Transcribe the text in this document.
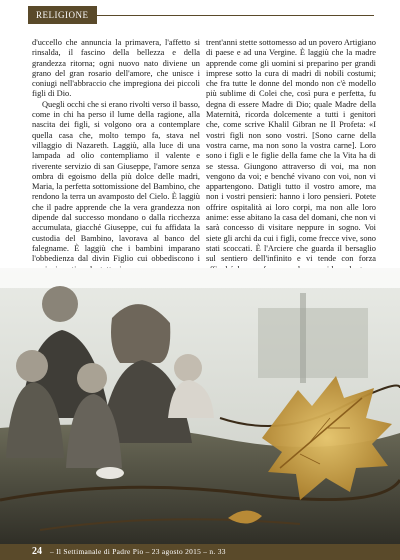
RELIGIONE

d'uccello che annuncia la primavera, l'affetto si rinsalda, il fascino della bellezza e della grandezza ritorna; ogni nuovo nato diviene un grano del gran rosario dell'amore, che unisce i coniugi nell'abbraccio che impregiona dei piccoli figli di Dio.

Quegli occhi che si erano rivolti verso il basso, come in chi ha perso il lume della ragione, alla nascita dei figli, si volgono ora a contemplare quella casa che, molto tempo fa, stava nel villaggio di Nazareth. Laggiù, alla luce di una lampada ad olio contempliamo il valente e riverente servizio di san Giuseppe, l'amore senza ombra di egoismo della più dolce delle madri, Maria, la perfetta sottomissione del Bambino, che rendono la terra un avamposto del Cielo. È laggiù che il padre apprende che la vera grandezza non dipende dal successo mondano o dalla ricchezza accumulata, giacché Giuseppe, cui fu affidata la custodia del Bambino, lavorava al banco del falegname. È laggiù che i bambini imparano l'obbedienza dal divin Figlio cui obbediscono i

trent'anni stette sottomesso ad un povero Artigiano di paese e ad una Vergine. È laggiù che la madre apprende come gli uomini si preparino per grandi imprese sotto la cura di madri di nobili costumi; che fra tutte le donne del mondo non c'è modello più sublime di Colei che, così pura e perfetta, fu degna di essere Madre di Dio; quale Madre della Maternità, ricorda dolcemente a tutti i genitori che, come scrive Khalil Gibran ne Il Profeta: «I vostri figli non sono vostri. [Sono carne della vostra carne, ma non sono la vostra carne]. Loro sono i figli e le figlie della fame che la Vita ha di se stessa. Giungono attraverso di voi, ma non vengono da voi; e benché vivano con voi, non vi appartengono. Datigli tutto il vostro amore, ma non i vostri pensieri: hanno i loro pensieri. Potete offrire ospitalità ai loro corpi, ma non alle loro anime: esse abitano la casa del domani, che non vi sarà concesso di visitare neppure in sogno. Voi siete gli archi da cui i figli, come frecce vive, sono stati scoccati. È l'Arciere che guarda il bersaglio sul sentiero dell'infinito e vi tende con forza

24 – Il Settimanale di Padre Pio – 23 agosto 2015 – n. 33
